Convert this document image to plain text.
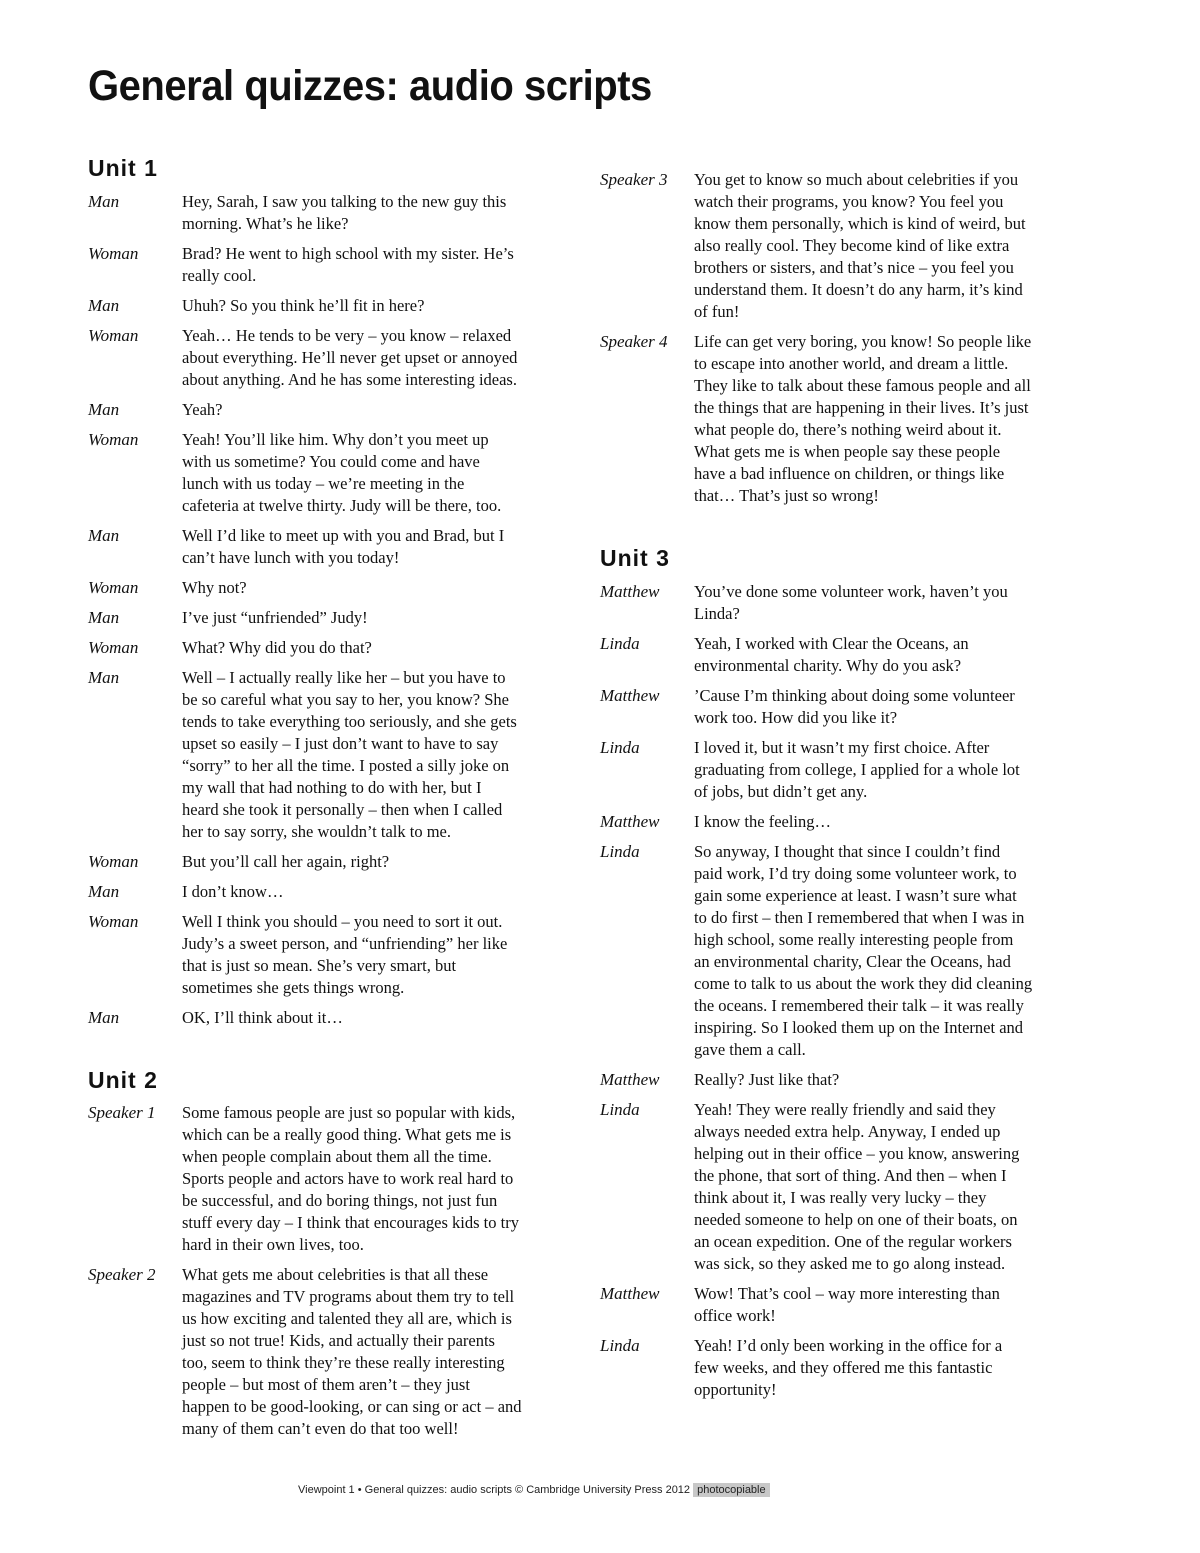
General quizzes: audio scripts
Unit 1
Man	Hey, Sarah, I saw you talking to the new guy this
morning. What’s he like?
Woman	Brad? He went to high school with my sister. He’s
really cool.
Man	Uhuh? So you think he’ll fit in here?
Woman	Yeah… He tends to be very – you know – relaxed
about everything. He’ll never get upset or annoyed
about anything. And he has some interesting ideas.
Man	Yeah?
Woman	Yeah! You’ll like him. Why don’t you meet up
with us sometime? You could come and have
lunch with us today – we’re meeting in the
cafeteria at twelve thirty. Judy will be there, too.
Man	Well I’d like to meet up with you and Brad, but I
can’t have lunch with you today!
Woman	Why not?
Man	I’ve just “unfriended” Judy!
Woman	What? Why did you do that?
Man	Well – I actually really like her – but you have to
be so careful what you say to her, you know? She
tends to take everything too seriously, and she gets
upset so easily – I just don’t want to have to say
“sorry” to her all the time. I posted a silly joke on
my wall that had nothing to do with her, but I
heard she took it personally – then when I called
her to say sorry, she wouldn’t talk to me.
Woman	But you’ll call her again, right?
Man	I don’t know…
Woman	Well I think you should – you need to sort it out.
Judy’s a sweet person, and “unfriending” her like
that is just so mean. She’s very smart, but
sometimes she gets things wrong.
Man	OK, I’ll think about it…
Unit 2
Speaker 1 Some famous people are just so popular with kids,
which can be a really good thing. What gets me is
when people complain about them all the time.
Sports people and actors have to work real hard to
be successful, and do boring things, not just fun
stuff every day – I think that encourages kids to try
hard in their own lives, too.
Speaker 2 What gets me about celebrities is that all these
magazines and TV programs about them try to tell
us how exciting and talented they all are, which is
just so not true! Kids, and actually their parents
too, seem to think they’re these really interesting
people – but most of them aren’t – they just
happen to be good-looking, or can sing or act – and
many of them can’t even do that too well!
Speaker 3 You get to know so much about celebrities if you
watch their programs, you know? You feel you
know them personally, which is kind of weird, but
also really cool. They become kind of like extra
brothers or sisters, and that’s nice – you feel you
understand them. It doesn’t do any harm, it’s kind
of fun!
Speaker 4 Life can get very boring, you know! So people like
to escape into another world, and dream a little.
They like to talk about these famous people and all
the things that are happening in their lives. It’s just
what people do, there’s nothing weird about it.
What gets me is when people say these people
have a bad influence on children, or things like
that… That’s just so wrong!
Unit 3
Matthew You’ve done some volunteer work, haven’t you
Linda?
Linda	Yeah, I worked with Clear the Oceans, an
environmental charity. Why do you ask?
Matthew ’Cause I’m thinking about doing some volunteer
work too. How did you like it?
Linda	I loved it, but it wasn’t my first choice. After
graduating from college, I applied for a whole lot
of jobs, but didn’t get any.
Matthew I know the feeling…
Linda	So anyway, I thought that since I couldn’t find
paid work, I’d try doing some volunteer work, to
gain some experience at least. I wasn’t sure what
to do first – then I remembered that when I was in
high school, some really interesting people from
an environmental charity, Clear the Oceans, had
come to talk to us about the work they did cleaning
the oceans. I remembered their talk – it was really
inspiring. So I looked them up on the Internet and
gave them a call.
Matthew Really? Just like that?
Linda	Yeah! They were really friendly and said they
always needed extra help. Anyway, I ended up
helping out in their office – you know, answering
the phone, that sort of thing. And then – when I
think about it, I was really very lucky – they
needed someone to help on one of their boats, on
an ocean expedition. One of the regular workers
was sick, so they asked me to go along instead.
Matthew Wow! That’s cool – way more interesting than
office work!
Linda	Yeah! I’d only been working in the office for a
few weeks, and they offered me this fantastic
opportunity!
Viewpoint 1 • General quizzes: audio scripts © Cambridge University Press 2012 photocopiable
